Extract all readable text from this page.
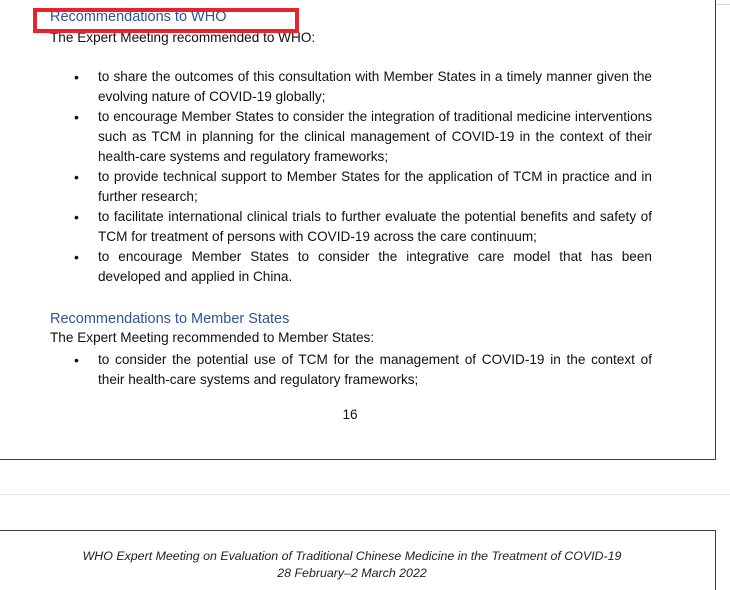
Recommendations to WHO

The Expert Meeting recommended to WHO:

•	to share the outcomes of this consultation with Member States in a timely manner given the evolving nature of COVID-19 globally;
•	to encourage Member States to consider the integration of traditional medicine interventions such as TCM in planning for the clinical management of COVID-19 in the context of their health-care systems and regulatory frameworks;
•	to provide technical support to Member States for the application of TCM in practice and in further research;
•	to facilitate international clinical trials to further evaluate the potential benefits and safety of TCM for treatment of persons with COVID-19 across the care continuum;
•	to encourage Member States to consider the integrative care model that has been developed and applied in China.
Recommendations to Member States

The Expert Meeting recommended to Member States:

•	to consider the potential use of TCM for the management of COVID-19 in the context of their health-care systems and regulatory frameworks;
16
WHO Expert Meeting on Evaluation of Traditional Chinese Medicine in the Treatment of COVID-19
28 February–2 March 2022
